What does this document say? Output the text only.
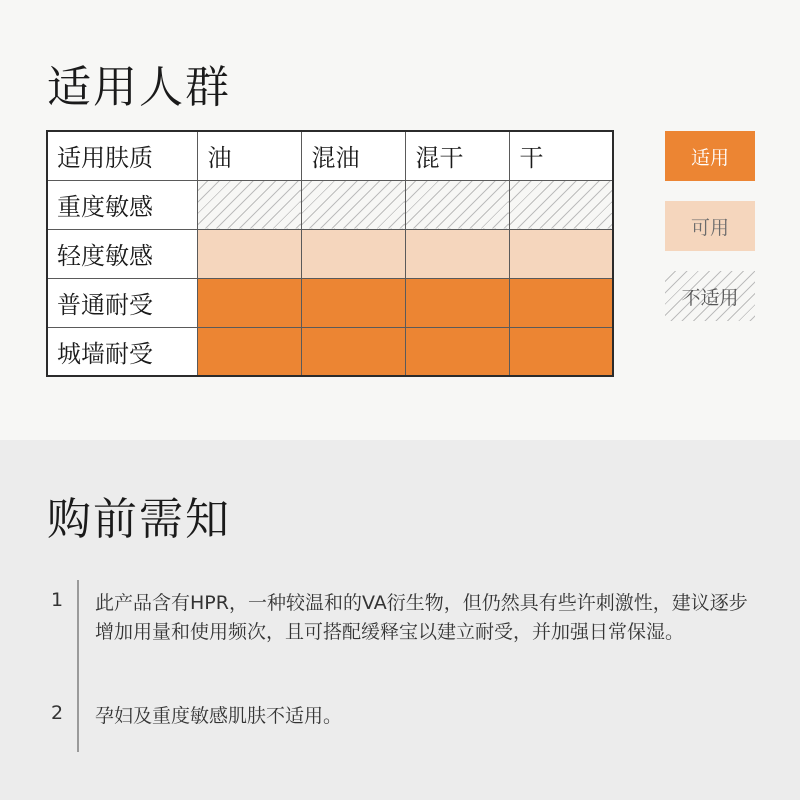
适用人群
适用肤质	油	混油	混干	干
重度敏感				
轻度敏感				
普通耐受				
城墙耐受				
适用
可用
不适用
购前需知
1 此产品含有HPR，一种较温和的VA衍生物，但仍然具有些许刺激性，建议逐步增加用量和使用频次，且可搭配缓释宝以建立耐受，并加强日常保湿。
2 孕妇及重度敏感肌肤不适用。
